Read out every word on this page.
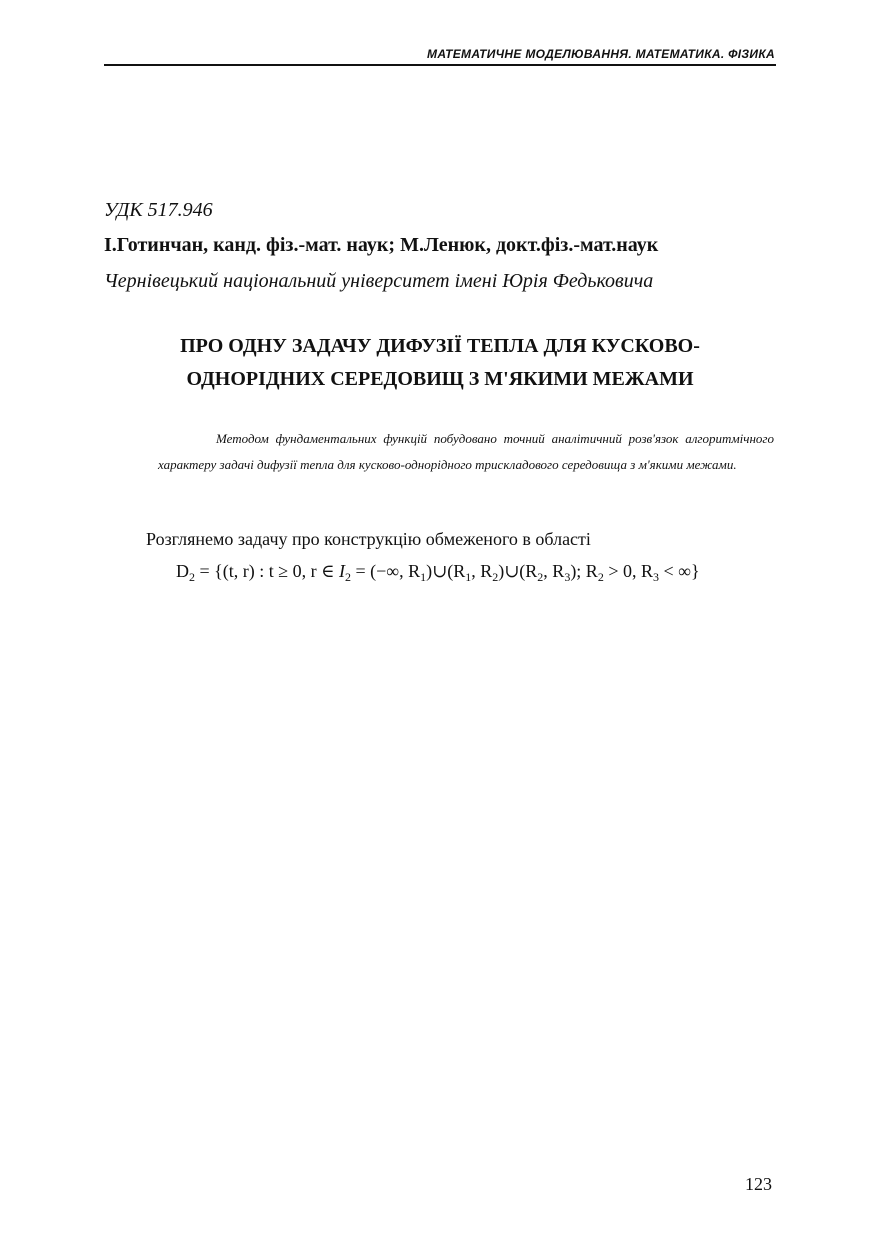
МАТЕМАТИЧНЕ МОДЕЛЮВАННЯ. МАТЕМАТИКА. ФІЗИКА
УДК 517.946
І.Готинчан, канд. фіз.-мат. наук; М.Ленюк, докт.фіз.-мат.наук
Чернівецький національний університет імені Юрія Федьковича
ПРО ОДНУ ЗАДАЧУ ДИФУЗІЇ ТЕПЛА ДЛЯ КУСКОВО-
ОДНОРІДНИХ СЕРЕДОВИЩ З М'ЯКИМИ МЕЖАМИ
Методом фундаментальних функцій побудовано точний аналітичний розв'язок алгоритмічного характеру задачі дифузії тепла для кусково-однорідного трискладового середовища з м'якими межами.
Розглянемо задачу про конструкцію обмеженого в області
$D_2 = \{(t$, r) : t ≥ 0, r ∈ $I_2$ = (−∞, $R_1)\cup(R_1$, $R_2)\cup(R_2$, $R_3$); $R_2 > 0$, $R_3$ < ∞}
123
